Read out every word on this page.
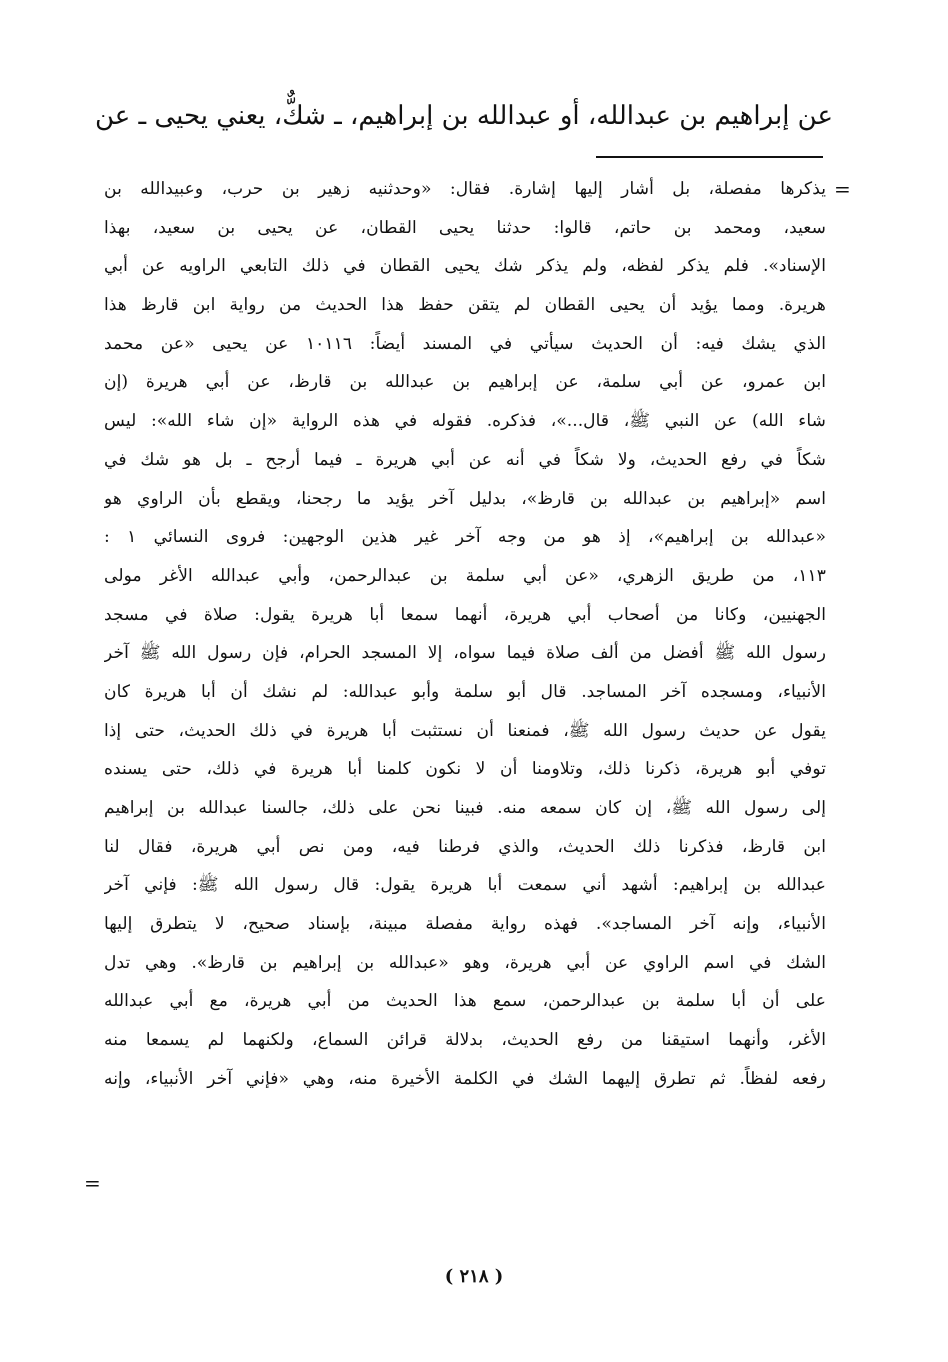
عن إبراهيم بن عبدالله، أو عبدالله بن إبراهيم، ـ شكٌّ، يعني يحيى ـ عن
=
يذكرها مفصلة، بل أشار إليها إشارة. فقال: «وحدثنيه زهير بن حرب، وعبيدالله بن
سعيد، ومحمد بن حاتم، قالوا: حدثنا يحيى القطان، عن يحيى بن سعيد، بهذا
الإسناد». فلم يذكر لفظه، ولم يذكر شك يحيى القطان في ذلك التابعي الراويه عن أبي
هريرة. ومما يؤيد أن يحيى القطان لم يتقن حفظ هذا الحديث من رواية ابن قارظ هذا
الذي يشك فيه: أن الحديث سيأتي في المسند أيضاً: ١٠١١٦ عن يحيى «عن محمد
ابن عمرو، عن أبي سلمة، عن إبراهيم بن عبدالله بن قارظ، عن أبي هريرة (إن
شاء الله) عن النبي ﷺ، قال...»، فذكره. فقوله في هذه الرواية «إن شاء الله»: ليس
شكاً في رفع الحديث، ولا شكاً في أنه عن أبي هريرة ـ فيما أرجح ـ بل هو شك في
اسم «إبراهيم بن عبدالله بن قارظ»، بدليل آخر يؤيد ما رجحنا، ويقطع بأن الراوي هو
«عبدالله بن إبراهيم»، إذ هو من وجه آخر غير هذين الوجهين: فروى النسائي ١ :
١١٣، من طريق الزهري، «عن أبي سلمة بن عبدالرحمن، وأبي عبدالله الأغر مولى
الجهنيين، وكانا من أصحاب أبي هريرة، أنهما سمعا أبا هريرة يقول: صلاة في مسجد
رسول الله ﷺ أفضل من ألف صلاة فيما سواه، إلا المسجد الحرام، فإن رسول الله ﷺ آخر
الأنبياء، ومسجده آخر المساجد. قال أبو سلمة وأبو عبدالله: لم نشك أن أبا هريرة كان
يقول عن حديث رسول الله ﷺ، فمنعنا أن نستثبت أبا هريرة في ذلك الحديث، حتى إذا
توفي أبو هريرة، ذكرنا ذلك، وتلاومنا أن لا نكون كلمنا أبا هريرة في ذلك، حتى يسنده
إلى رسول الله ﷺ، إن كان سمعه منه. فبينا نحن على ذلك، جالسنا عبدالله بن إبراهيم
ابن قارظ، فذكرنا ذلك الحديث، والذي فرطنا فيه، ومن نص أبي هريرة، فقال لنا
عبدالله بن إبراهيم: أشهد أني سمعت أبا هريرة يقول: قال رسول الله ﷺ: فإني آخر
الأنبياء، وإنه آخر المساجد». فهذه رواية مفصلة مبينة، بإسناد صحيح، لا يتطرق إليها
الشك في اسم الراوي عن أبي هريرة، وهو «عبدالله بن إبراهيم بن قارظ». وهي تدل
على أن أبا سلمة بن عبدالرحمن، سمع هذا الحديث من أبي هريرة، مع أبي عبدالله
الأغر، وأنهما استيقنا من رفع الحديث، بدلالة قرائن السماع، ولكنهما لم يسمعا منه
رفعه لفظاً. ثم تطرق إليهما الشك في الكلمة الأخيرة منه، وهي «فإني آخر الأنبياء، وإنه
=
( ٢١٨ )
